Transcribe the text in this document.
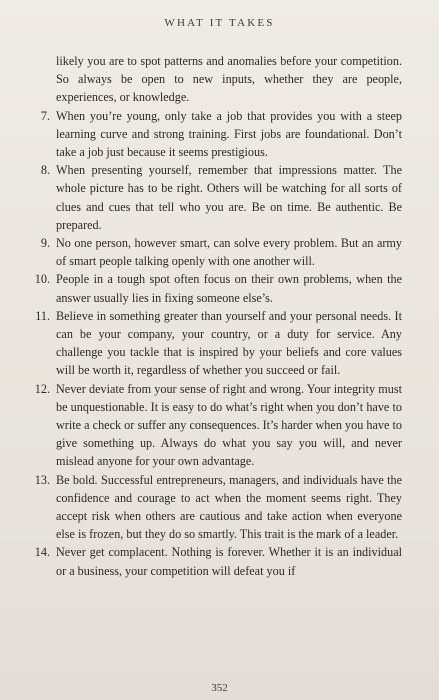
WHAT IT TAKES

likely you are to spot patterns and anomalies before your competition. So always be open to new inputs, whether they are people, experiences, or knowledge.

7. When you’re young, only take a job that provides you with a steep learning curve and strong training. First jobs are foundational. Don’t take a job just because it seems prestigious.

8. When presenting yourself, remember that impressions matter. The whole picture has to be right. Others will be watching for all sorts of clues and cues that tell who you are. Be on time. Be authentic. Be prepared.

9. No one person, however smart, can solve every problem. But an army of smart people talking openly with one another will.

10. People in a tough spot often focus on their own problems, when the answer usually lies in fixing someone else’s.

11. Believe in something greater than yourself and your personal needs. It can be your company, your country, or a duty for service. Any challenge you tackle that is inspired by your beliefs and core values will be worth it, regardless of whether you succeed or fail.

12. Never deviate from your sense of right and wrong. Your integrity must be unquestionable. It is easy to do what’s right when you don’t have to write a check or suffer any consequences. It’s harder when you have to give something up. Always do what you say you will, and never mislead anyone for your own advantage.

13. Be bold. Successful entrepreneurs, managers, and individuals have the confidence and courage to act when the moment seems right. They accept risk when others are cautious and take action when everyone else is frozen, but they do so smartly. This trait is the mark of a leader.

14. Never get complacent. Nothing is forever. Whether it is an individual or a business, your competition will defeat you if

352
